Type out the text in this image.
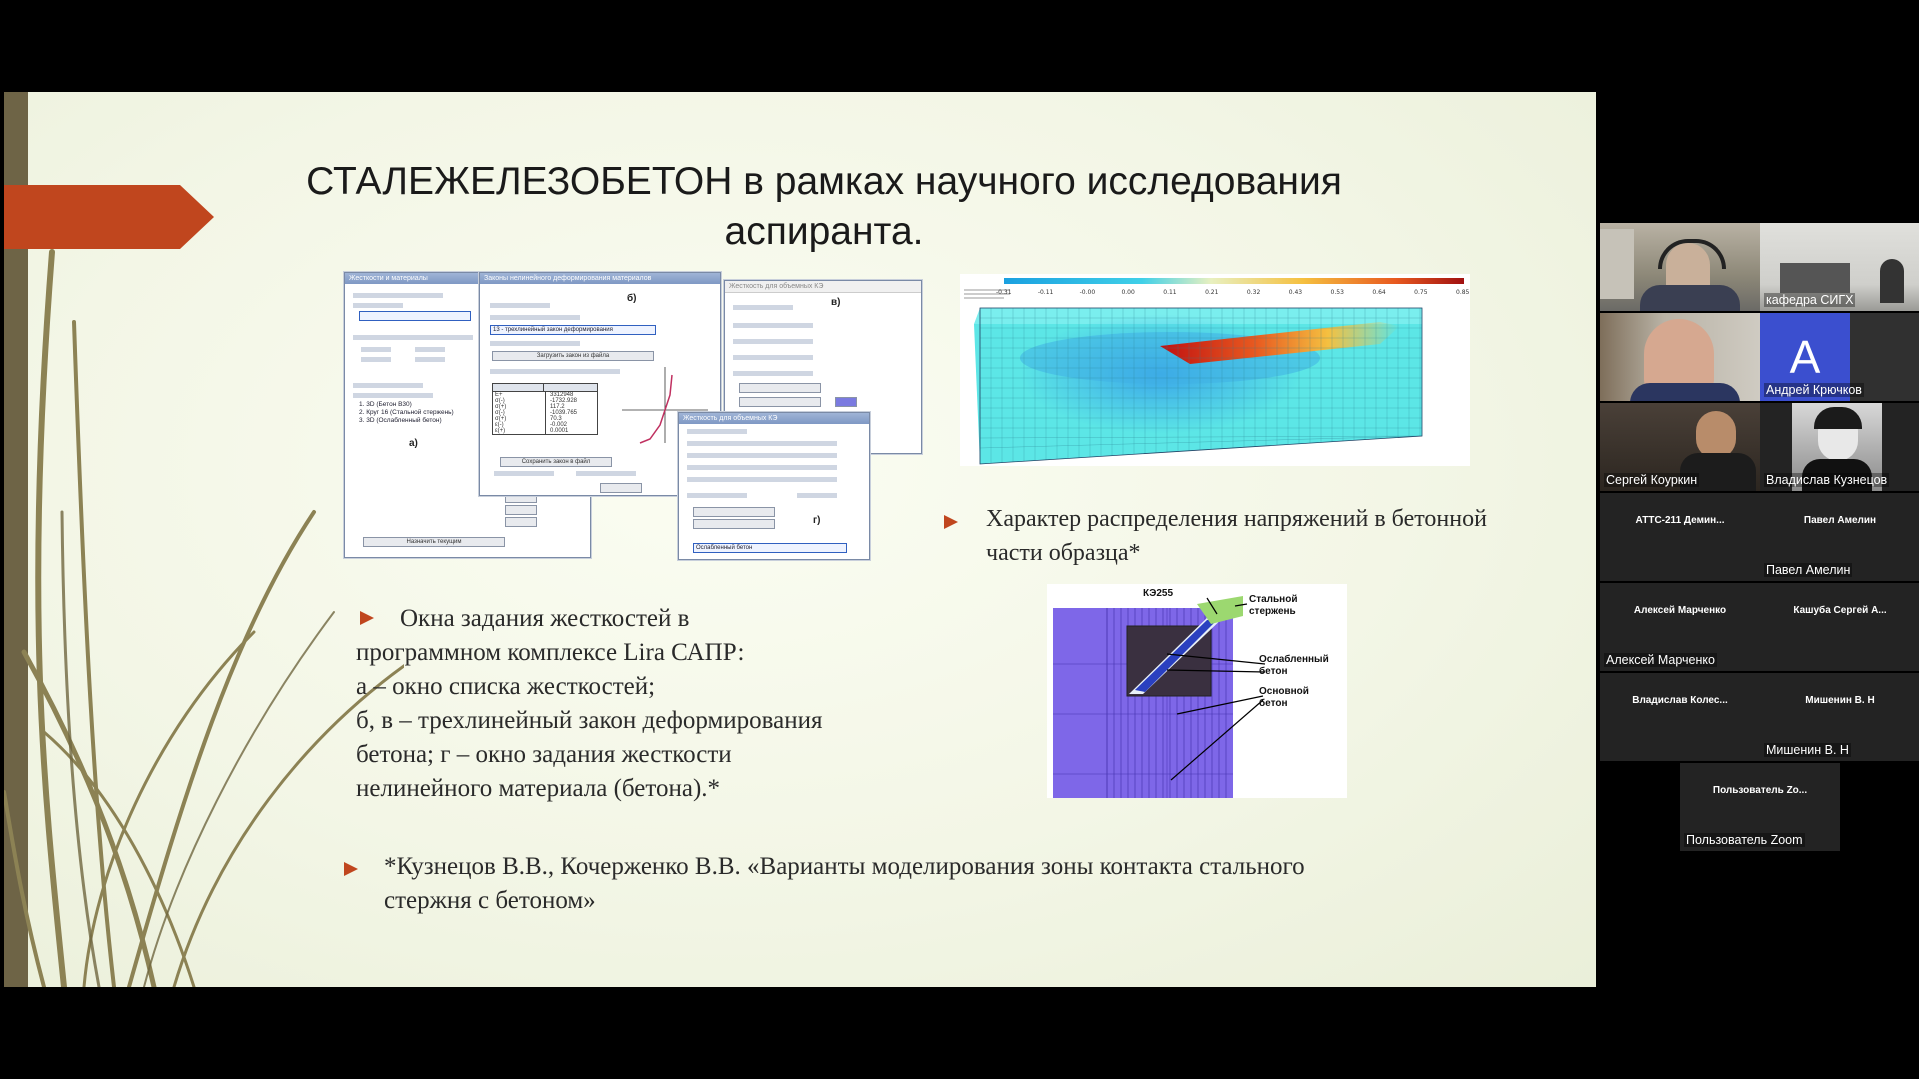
СТАЛЕЖЕЛЕЗОБЕТОН в рамках научного исследования аспиранта.
Жесткости и материалы
1. 3D (Бетон B30)
2. Круг 16 (Стальной стержень)
3. 3D (Ослабленный бетон)
а)
Назначить текущим
Законы нелинейного деформирования материалов
б)
13 - трехлинейный закон деформирования
Загрузить закон из файла
E+	3312948
σ(-)	-1732.928
σ(+)	117.2
σ(-)	-1039.765
σ(+)	70.3
ε(-)	-0.002
ε(+)	0.0001
Сохранить закон в файл
Жесткость для объемных КЭ
в)
Жесткость для объемных КЭ
г)
Ослабленный бетон
-0.31	-0.11	-0.00	0.00	0.11	0.21	0.32	0.43	0.53	0.64	0.75	0.85
Характер распределения напряжений в бетонной части образца*
КЭ255
Стальной стержень
Ослабленный бетон
Основной бетон
Окна задания жесткостей в
программном комплексе Lira САПР:
а – окно списка жесткостей;
б, в – трехлинейный закон деформирования
бетона; г – окно задания жесткости
нелинейного материала (бетона).*
*Кузнецов В.В., Кочерженко В.В. «Варианты моделирования зоны контакта стального
стержня с бетоном»
кафедра СИГХ
А
Андрей Крючков
Сергей Коуркин	Владислав Кузнецов
АТТС-211 Демин...	Павел Амелин
Павел Амелин
Алексей Марченко
Алексей Марченко
Кашуба Сергей А...
Владислав Колес...	Мишенин В. Н
Мишенин В. Н
Пользователь Zo...
Пользователь Zoom
